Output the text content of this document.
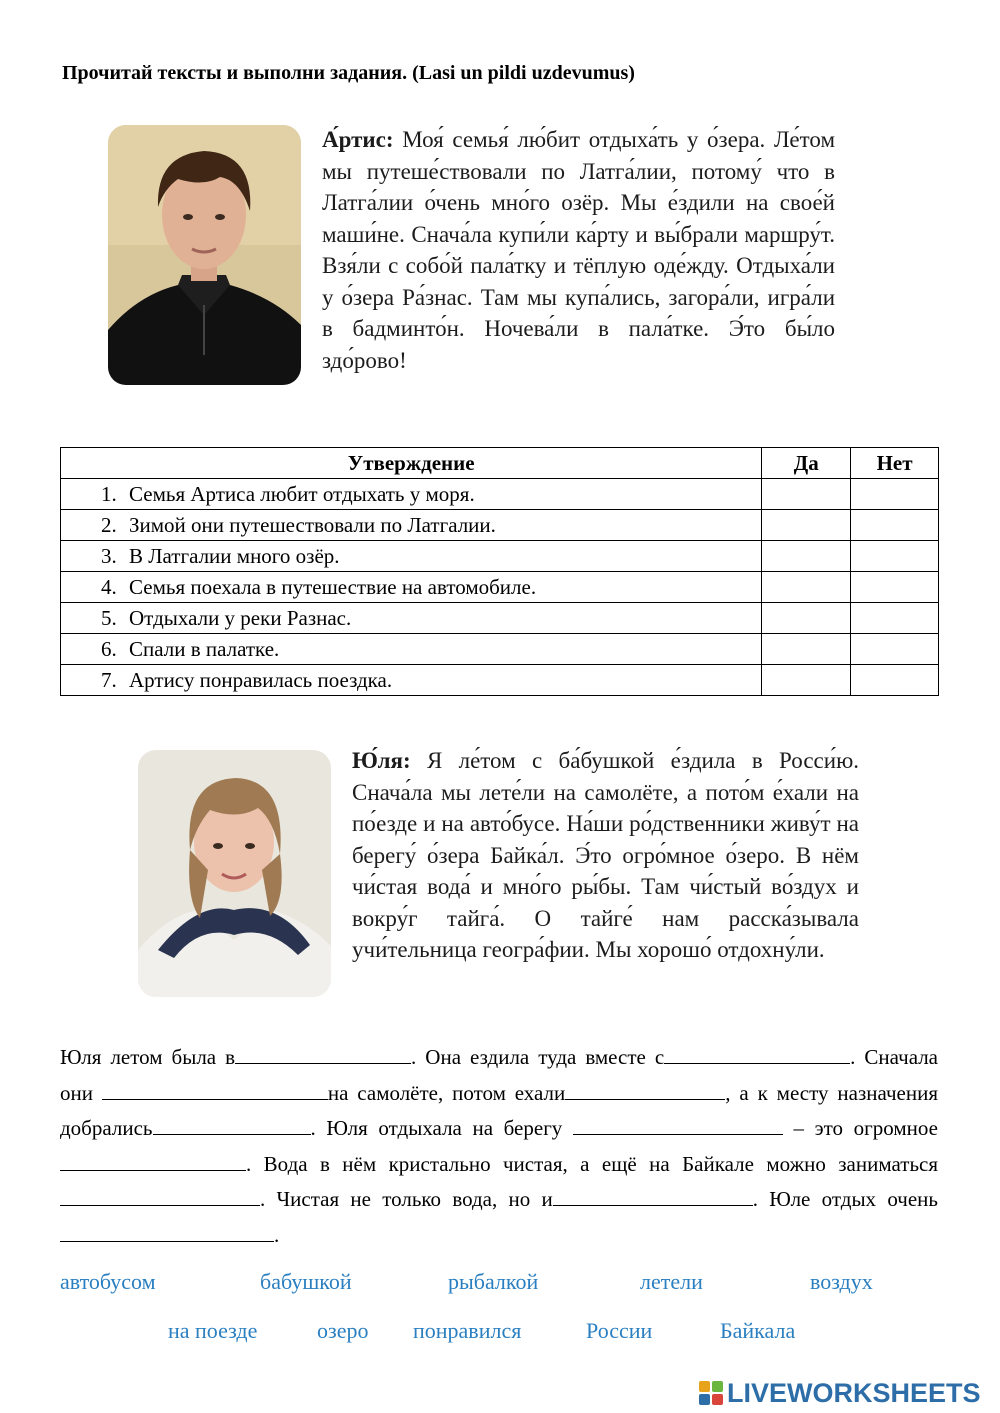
Прочитай тексты и выполни задания. (Lasi un pildi uzdevumus)
А́ртис: Моя́ семья́ лю́бит отдыха́ть у о́зера. Ле́том мы путеше́ствовали по Латга́лии, потому́ что в Латга́лии о́чень мно́го озёр. Мы е́здили на свое́й маши́не. Снача́ла купи́ли ка́рту и вы́брали маршру́т. Взя́ли с собо́й пала́тку и тёплую оде́жду. Отдыха́ли у о́зера Ра́знас. Там мы купа́лись, загора́ли, игра́ли в бадминто́н. Ночева́ли в пала́тке. Э́то бы́ло здо́рово!
Утверждение	Да	Нет
1. Семья Артиса любит отдыхать у моря.		
2. Зимой они путешествовали по Латгалии.		
3. В Латгалии много озёр.		
4. Семья поехала в путешествие на автомобиле.		
5. Отдыхали у реки Разнас.		
6. Спали в палатке.		
7. Артису понравилась поездка.		
Ю́ля: Я ле́том с ба́бушкой е́здила в Росси́ю. Снача́ла мы лете́ли на самолёте, а пото́м е́хали на по́езде и на авто́бусе. На́ши ро́дственники живу́т на берегу́ о́зера Байка́л. Э́то огро́мное о́зеро. В нём чи́стая вода́ и мно́го ры́бы. Там чи́стый во́здух и вокру́г тайга́. О тайге́ нам расска́зывала учи́тельница геогра́фии. Мы хорошо́ отдохну́ли.
Юля летом была в	. Она ездила туда вместе с	. Сначала они	на самолёте, потом ехали	, а к месту назначения добрались	. Юля отдыхала на берегу	– это огромное. Вода в нём кристально чистая, а ещё на Байкале можно заниматься. Чистая не только вода, но и	. Юле отдых очень.
автобусом	бабушкой	рыбалкой	летели	воздух
на поезде	озеро понравился	России	Байкала
LIVEWORKSHEETS
